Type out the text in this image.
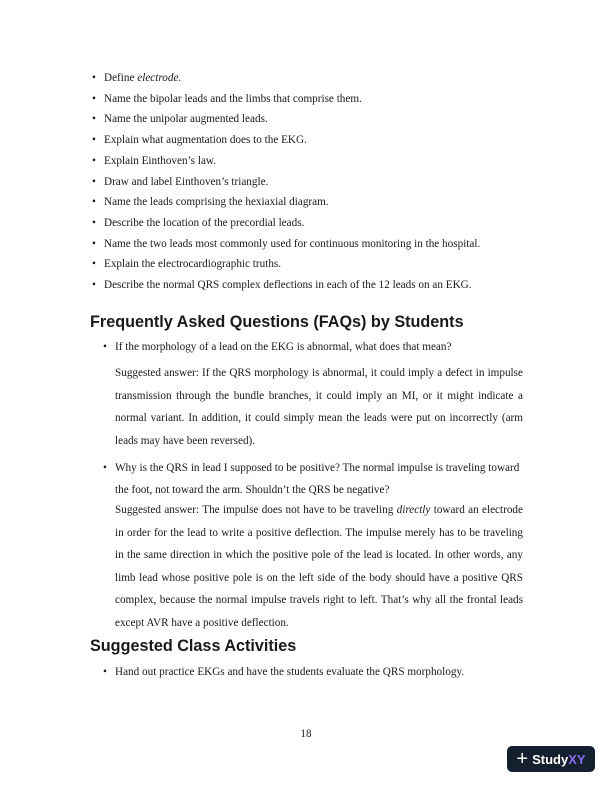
• Define electrode.
• Name the bipolar leads and the limbs that comprise them.
• Name the unipolar augmented leads.
• Explain what augmentation does to the EKG.
• Explain Einthoven’s law.
• Draw and label Einthoven’s triangle.
• Name the leads comprising the hexiaxial diagram.
• Describe the location of the precordial leads.
• Name the two leads most commonly used for continuous monitoring in the hospital.
• Explain the electrocardiographic truths.
• Describe the normal QRS complex deflections in each of the 12 leads on an EKG.
Frequently Asked Questions (FAQs) by Students
• If the morphology of a lead on the EKG is abnormal, what does that mean?

Suggested answer: If the QRS morphology is abnormal, it could imply a defect in impulse transmission through the bundle branches, it could imply an MI, or it might indicate a normal variant. In addition, it could simply mean the leads were put on incorrectly (arm leads may have been reversed).

• Why is the QRS in lead I supposed to be positive? The normal impulse is traveling toward the foot, not toward the arm. Shouldn’t the QRS be negative?

Suggested answer: The impulse does not have to be traveling directly toward an electrode in order for the lead to write a positive deflection. The impulse merely has to be traveling in the same direction in which the positive pole of the lead is located. In other words, any limb lead whose positive pole is on the left side of the body should have a positive QRS complex, because the normal impulse travels right to left. That’s why all the frontal leads except AVR have a positive deflection.

Suggested Class Activities
• Hand out practice EKGs and have the students evaluate the QRS morphology.
18
+ Study XY
